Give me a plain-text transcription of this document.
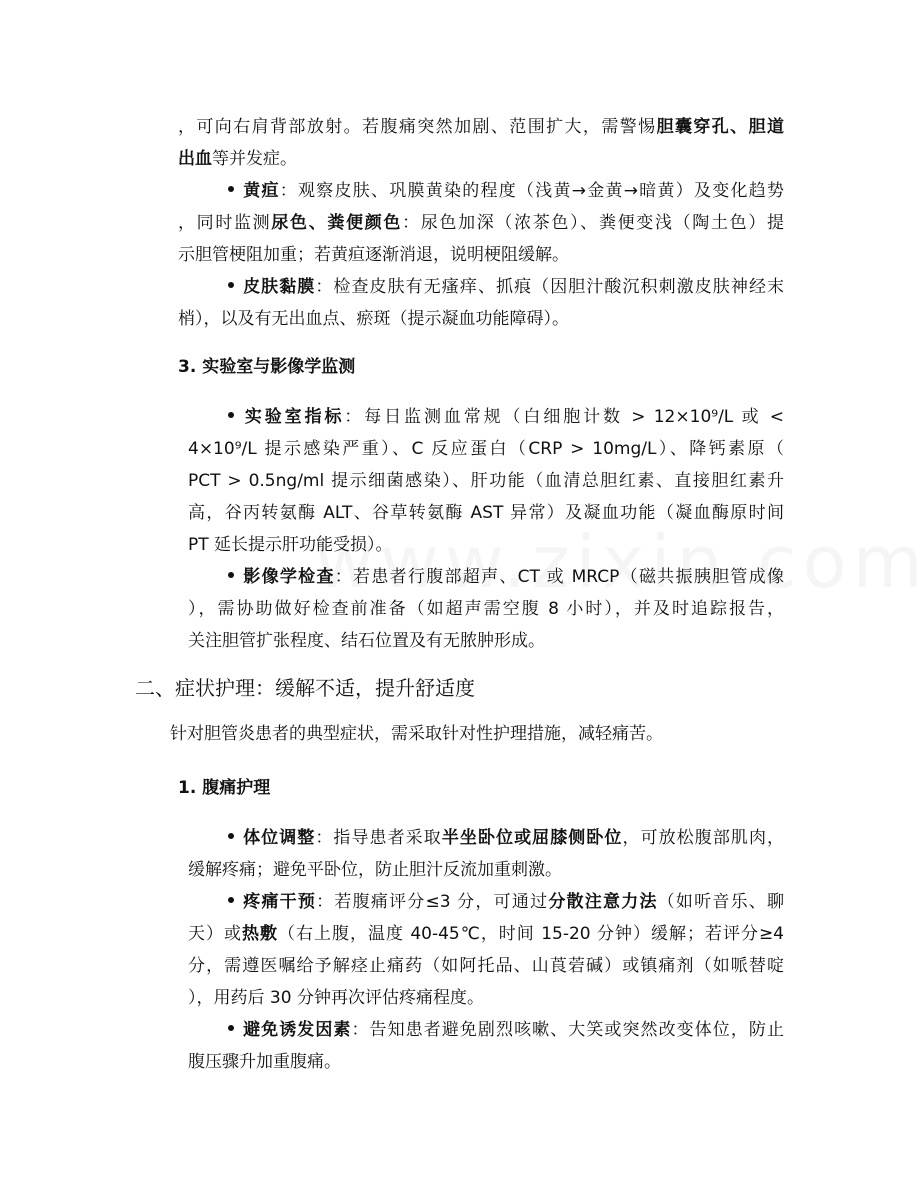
，可向右肩背部放射。若腹痛突然加剧、范围扩大，需警惕胆囊穿孔、胆道
出血等并发症。
黄疸：观察皮肤、巩膜黄染的程度（浅黄→金黄→暗黄）及变化趋势
，同时监测尿色、粪便颜色：尿色加深（浓茶色）、粪便变浅（陶土色）提
示胆管梗阻加重；若黄疸逐渐消退，说明梗阻缓解。
皮肤黏膜：检查皮肤有无瘙痒、抓痕（因胆汁酸沉积刺激皮肤神经末
梢），以及有无出血点、瘀斑（提示凝血功能障碍）。
3. 实验室与影像学监测
实验室指标：每日监测血常规（白细胞计数 > 12×10⁹/L 或 <
4×10⁹/L 提示感染严重）、C 反应蛋白（CRP > 10mg/L）、降钙素原（
PCT > 0.5ng/ml 提示细菌感染）、肝功能（血清总胆红素、直接胆红素升
高，谷丙转氨酶 ALT、谷草转氨酶 AST 异常）及凝血功能（凝血酶原时间
PT 延长提示肝功能受损）。
影像学检查：若患者行腹部超声、CT 或 MRCP（磁共振胰胆管成像
），需协助做好检查前准备（如超声需空腹 8 小时），并及时追踪报告，
关注胆管扩张程度、结石位置及有无脓肿形成。
二、症状护理：缓解不适，提升舒适度
针对胆管炎患者的典型症状，需采取针对性护理措施，减轻痛苦。
1. 腹痛护理
体位调整：指导患者采取半坐卧位或屈膝侧卧位，可放松腹部肌肉，
缓解疼痛；避免平卧位，防止胆汁反流加重刺激。
疼痛干预：若腹痛评分≤3 分，可通过分散注意力法（如听音乐、聊
天）或热敷（右上腹，温度 40-45℃，时间 15-20 分钟）缓解；若评分≥4
分，需遵医嘱给予解痉止痛药（如阿托品、山莨菪碱）或镇痛剂（如哌替啶
），用药后 30 分钟再次评估疼痛程度。
避免诱发因素：告知患者避免剧烈咳嗽、大笑或突然改变体位，防止
腹压骤升加重腹痛。
